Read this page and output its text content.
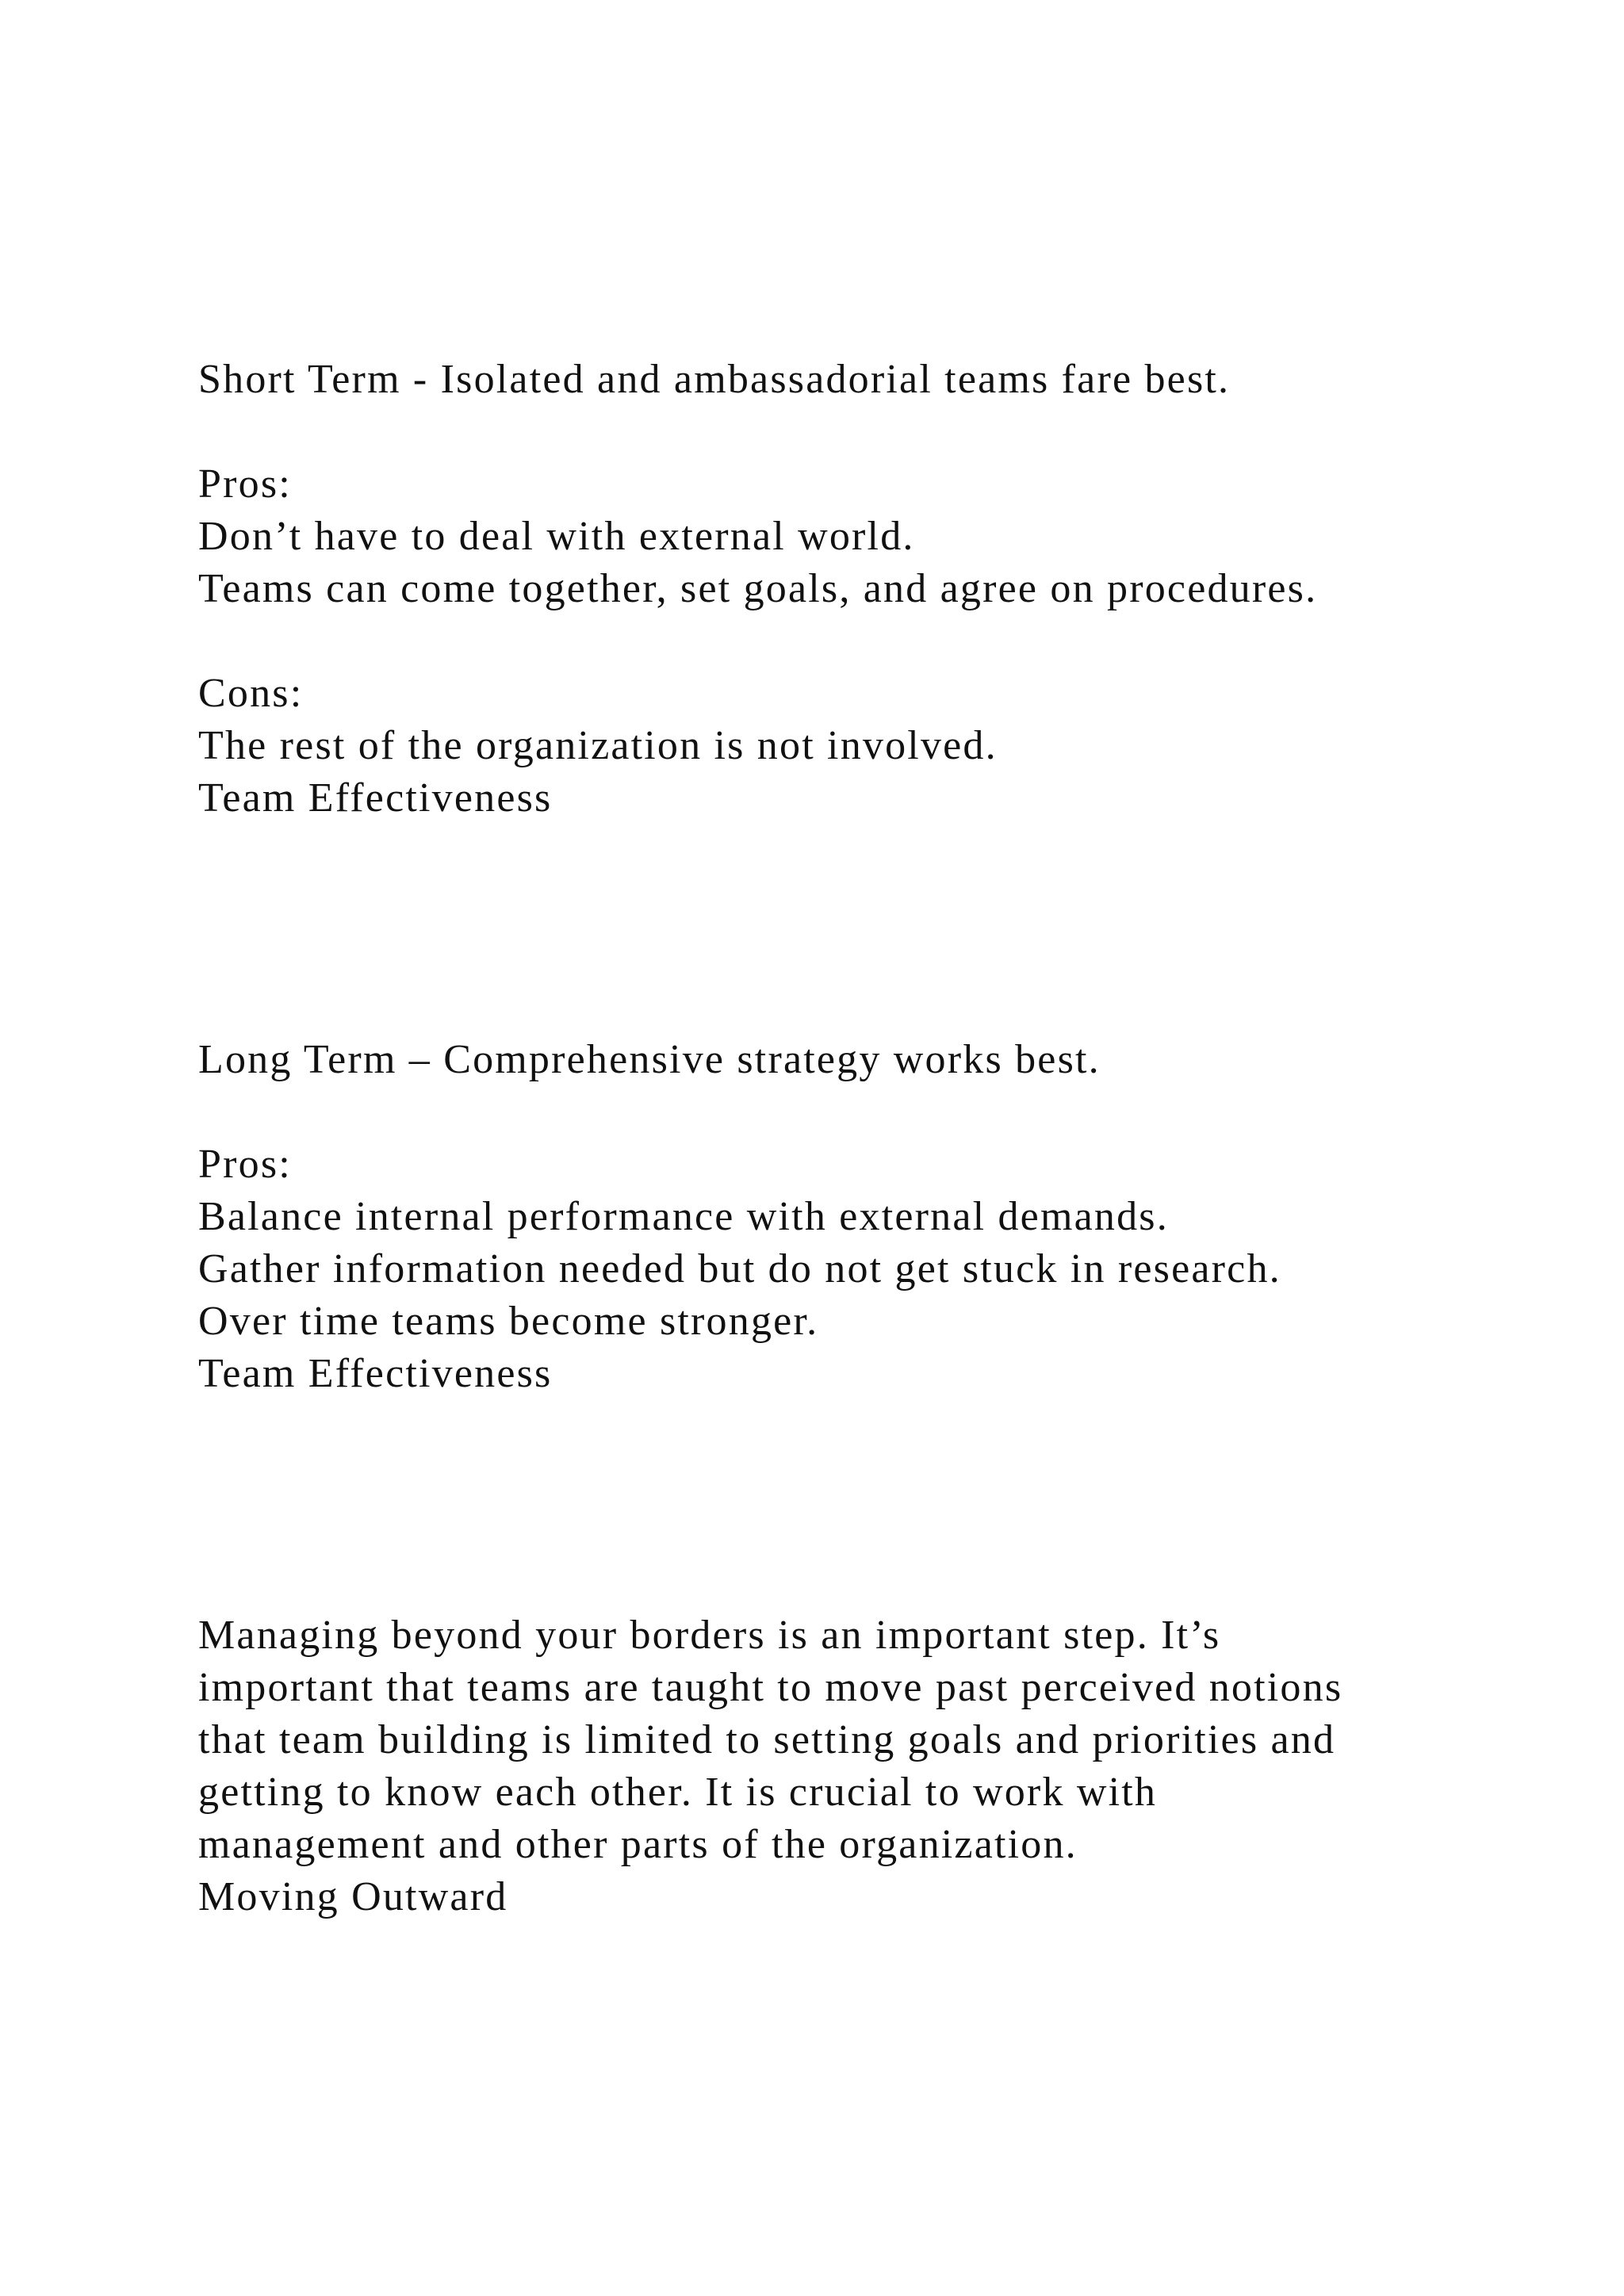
Short Term - Isolated and ambassadorial teams fare best.

Pros:

Don’t have to deal with external world.

Teams can come together, set goals, and agree on procedures.

Cons:

The rest of the organization is not involved.

Team Effectiveness

Long Term – Comprehensive strategy works best.

Pros:

Balance internal performance with external demands.

Gather information needed but do not get stuck in research.

Over time teams become stronger.

Team Effectiveness

Managing beyond your borders is an important step. It’s

important that teams are taught to move past perceived notions

that team building is limited to setting goals and priorities and

getting to know each other. It is crucial to work with

management and other parts of the organization.

Moving Outward
